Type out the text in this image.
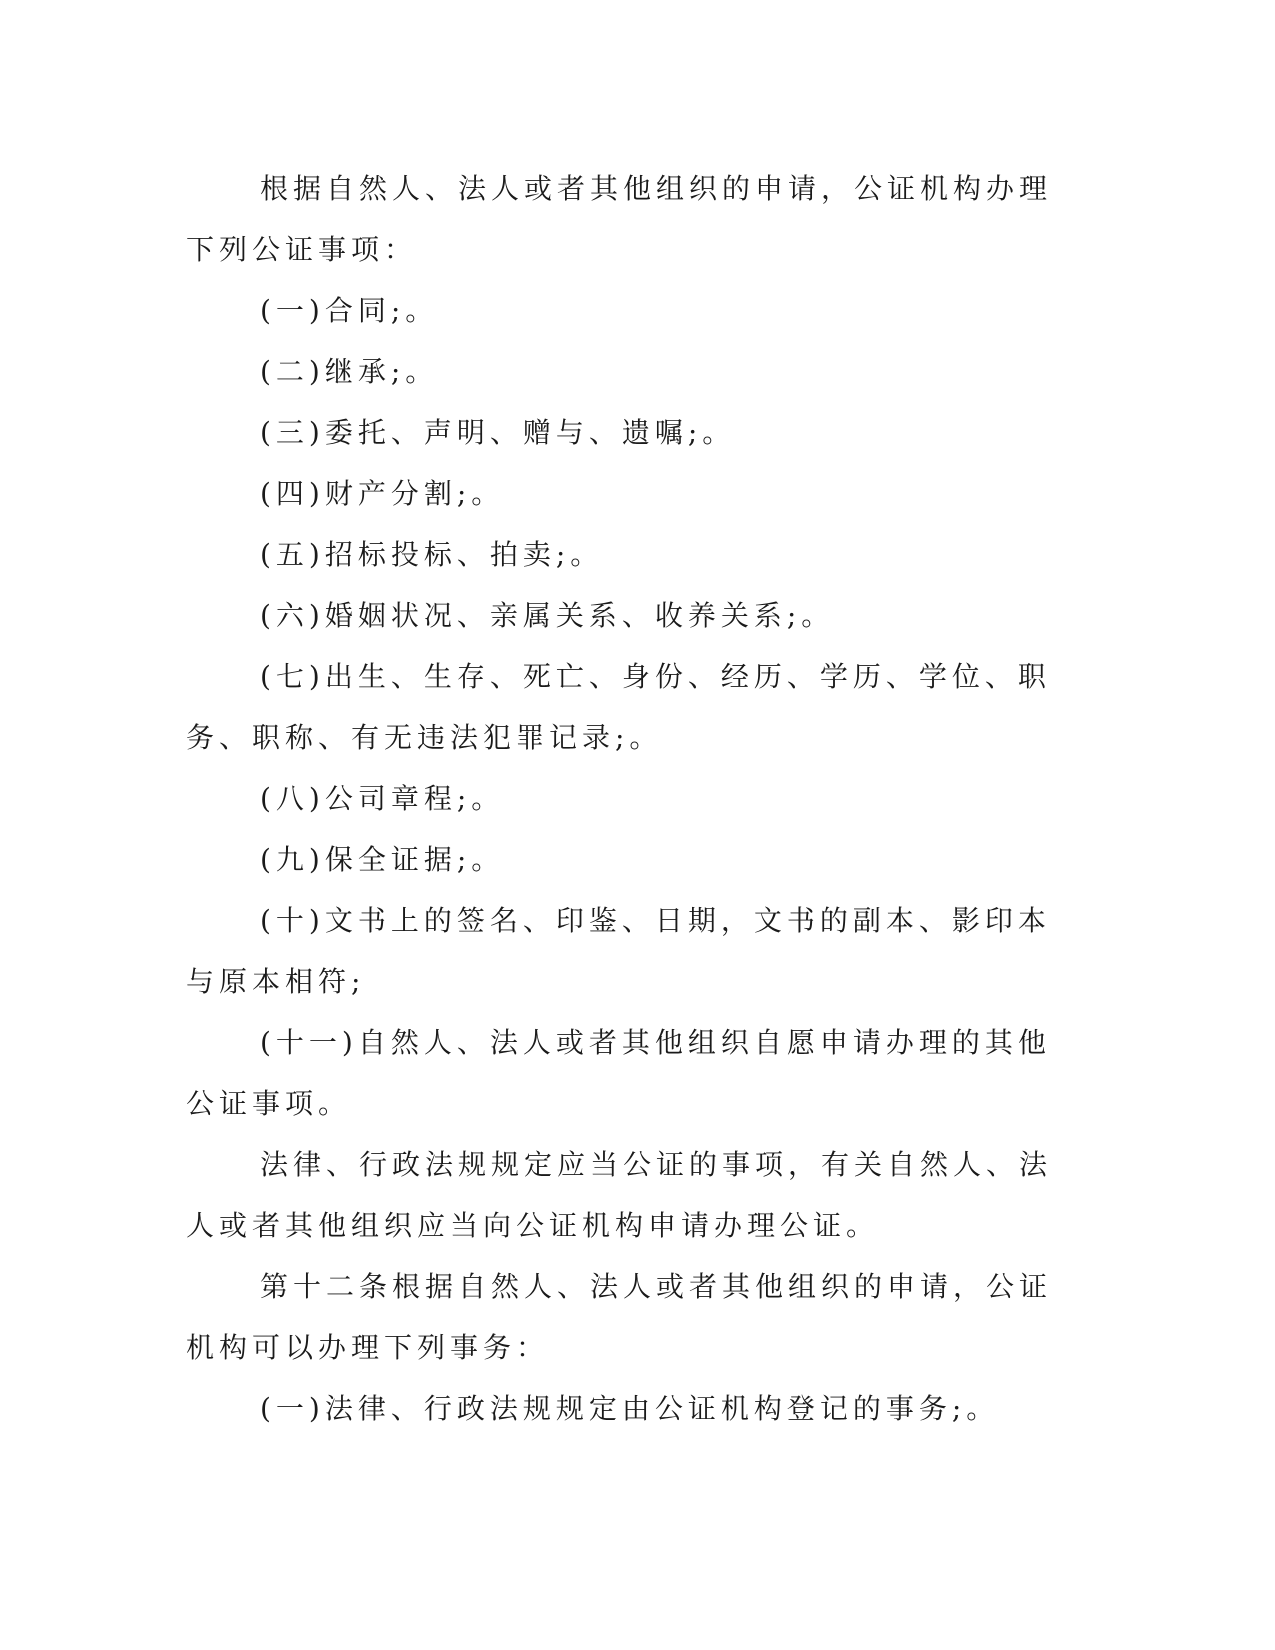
根据自然人、法人或者其他组织的申请，公证机构办理下列公证事项：

(一)合同;。

(二)继承;。

(三)委托、声明、赠与、遗嘱;。

(四)财产分割;。

(五)招标投标、拍卖;。

(六)婚姻状况、亲属关系、收养关系;。

(七)出生、生存、死亡、身份、经历、学历、学位、职务、职称、有无违法犯罪记录;。

(八)公司章程;。

(九)保全证据;。

(十)文书上的签名、印鉴、日期，文书的副本、影印本与原本相符;

(十一)自然人、法人或者其他组织自愿申请办理的其他公证事项。

法律、行政法规规定应当公证的事项，有关自然人、法人或者其他组织应当向公证机构申请办理公证。

第十二条根据自然人、法人或者其他组织的申请，公证机构可以办理下列事务：

(一)法律、行政法规规定由公证机构登记的事务;。
